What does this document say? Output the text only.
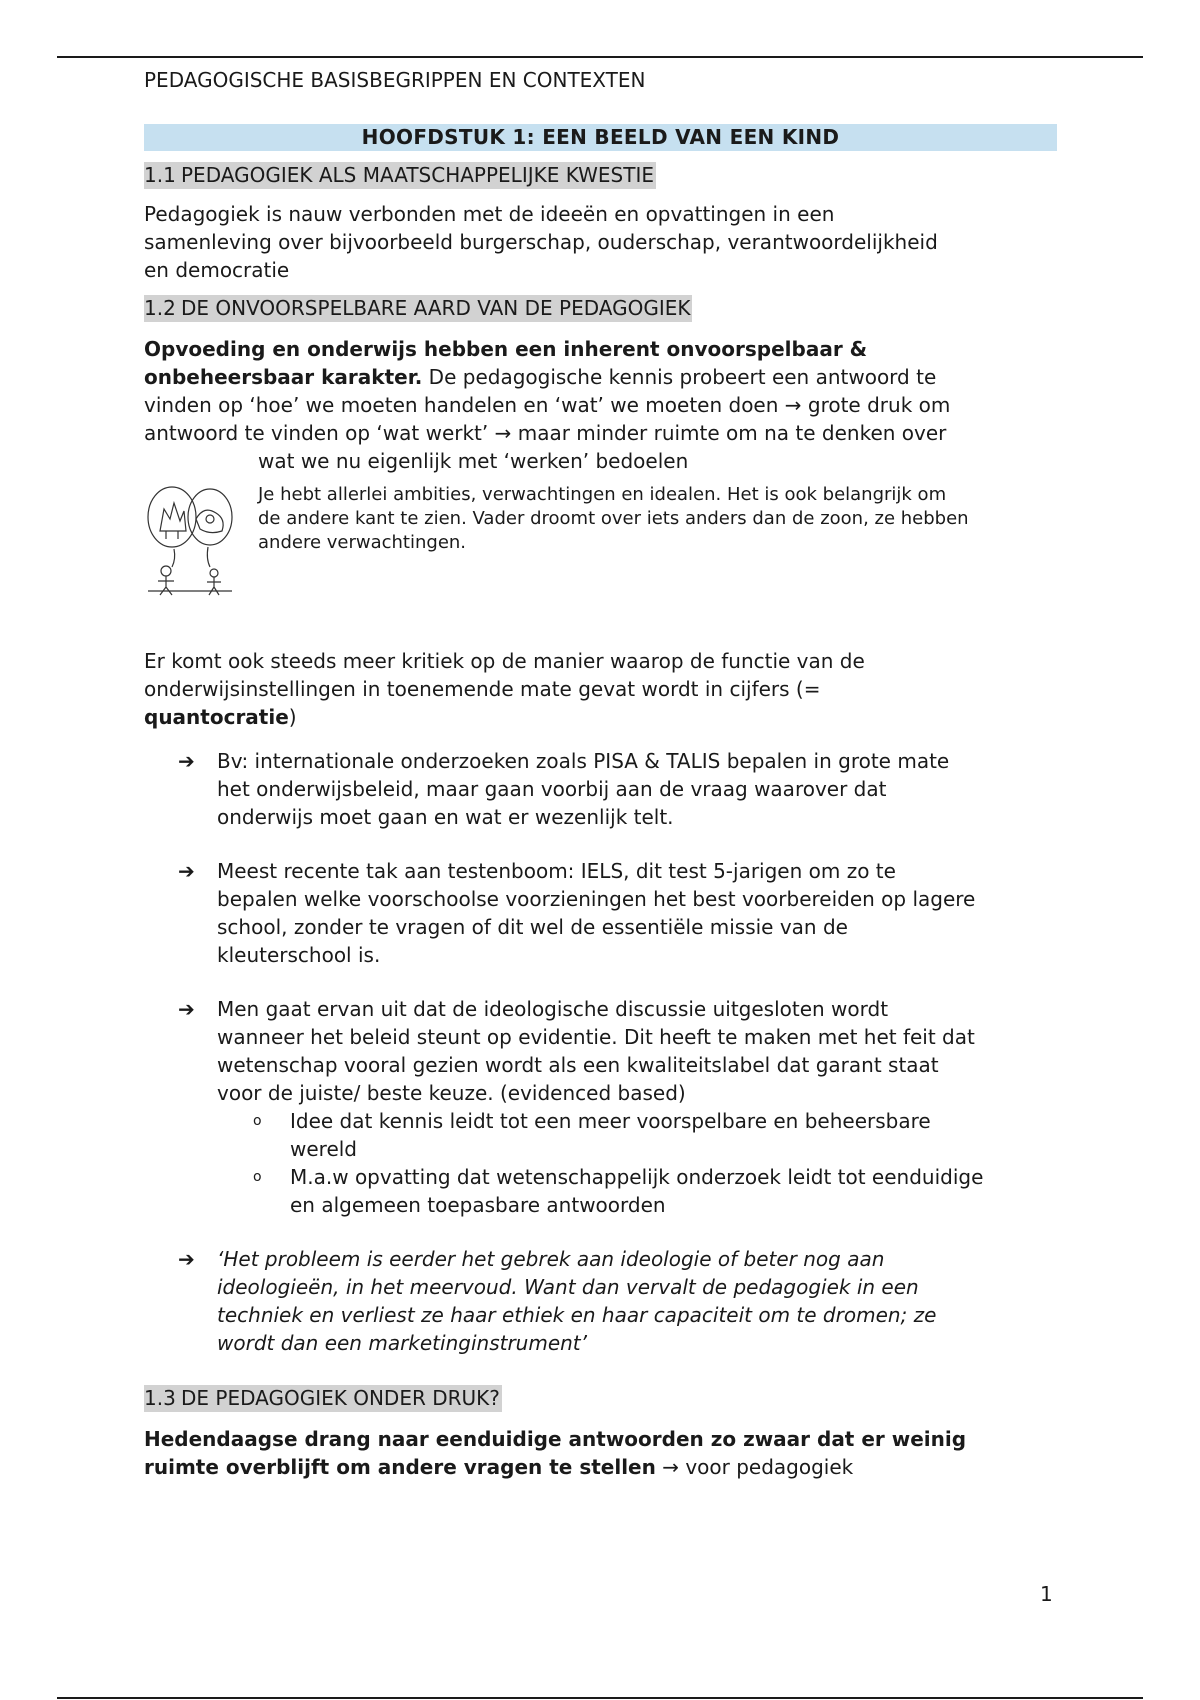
PEDAGOGISCHE BASISBEGRIPPEN EN CONTEXTEN

HOOFDSTUK 1: EEN BEELD VAN EEN KIND
1.1 PEDAGOGIEK ALS MAATSCHAPPELIJKE KWESTIE

Pedagogiek is nauw verbonden met de ideeën en opvattingen in een

samenleving over bijvoorbeeld burgerschap, ouderschap, verantwoordelijkheid

en democratie

1.2 DE ONVOORSPELBARE AARD VAN DE PEDAGOGIEK

Opvoeding en onderwijs hebben een inherent onvoorspelbaar &

onbeheersbaar karakter. De pedagogische kennis probeert een antwoord te

vinden op ‘hoe’ we moeten handelen en ‘wat’ we moeten doen → grote druk om

antwoord te vinden op ‘wat werkt’ → maar minder ruimte om na te denken over

wat we nu eigenlijk met ‘werken’ bedoelen

Je hebt allerlei ambities, verwachtingen en idealen. Het is ook belangrijk om
de andere kant te zien. Vader droomt over iets anders dan de zoon, ze hebben
andere verwachtingen.

Er komt ook steeds meer kritiek op de manier waarop de functie van de

onderwijsinstellingen in toenemende mate gevat wordt in cijfers (=

quantocratie)

➔ Bv: internationale onderzoeken zoals PISA & TALIS bepalen in grote mate
het onderwijsbeleid, maar gaan voorbij aan de vraag waarover dat
onderwijs moet gaan en wat er wezenlijk telt.
➔ Meest recente tak aan testenboom: IELS, dit test 5-jarigen om zo te
bepalen welke voorschoolse voorzieningen het best voorbereiden op lagere
school, zonder te vragen of dit wel de essentiële missie van de
kleuterschool is.
➔ Men gaat ervan uit dat de ideologische discussie uitgesloten wordt
wanneer het beleid steunt op evidentie. Dit heeft te maken met het feit dat
wetenschap vooral gezien wordt als een kwaliteitslabel dat garant staat
voor de juiste/ beste keuze. (evidenced based)
o Idee dat kennis leidt tot een meer voorspelbare en beheersbare
wereld
o M.a.w opvatting dat wetenschappelijk onderzoek leidt tot eenduidige
en algemeen toepasbare antwoorden
➔ ‘Het probleem is eerder het gebrek aan ideologie of beter nog aan
ideologieën, in het meervoud. Want dan vervalt de pedagogiek in een
techniek en verliest ze haar ethiek en haar capaciteit om te dromen; ze
wordt dan een marketinginstrument’
1.3 DE PEDAGOGIEK ONDER DRUK?

Hedendaagse drang naar eenduidige antwoorden zo zwaar dat er weinig

ruimte overblijft om andere vragen te stellen → voor pedagogiek

1
